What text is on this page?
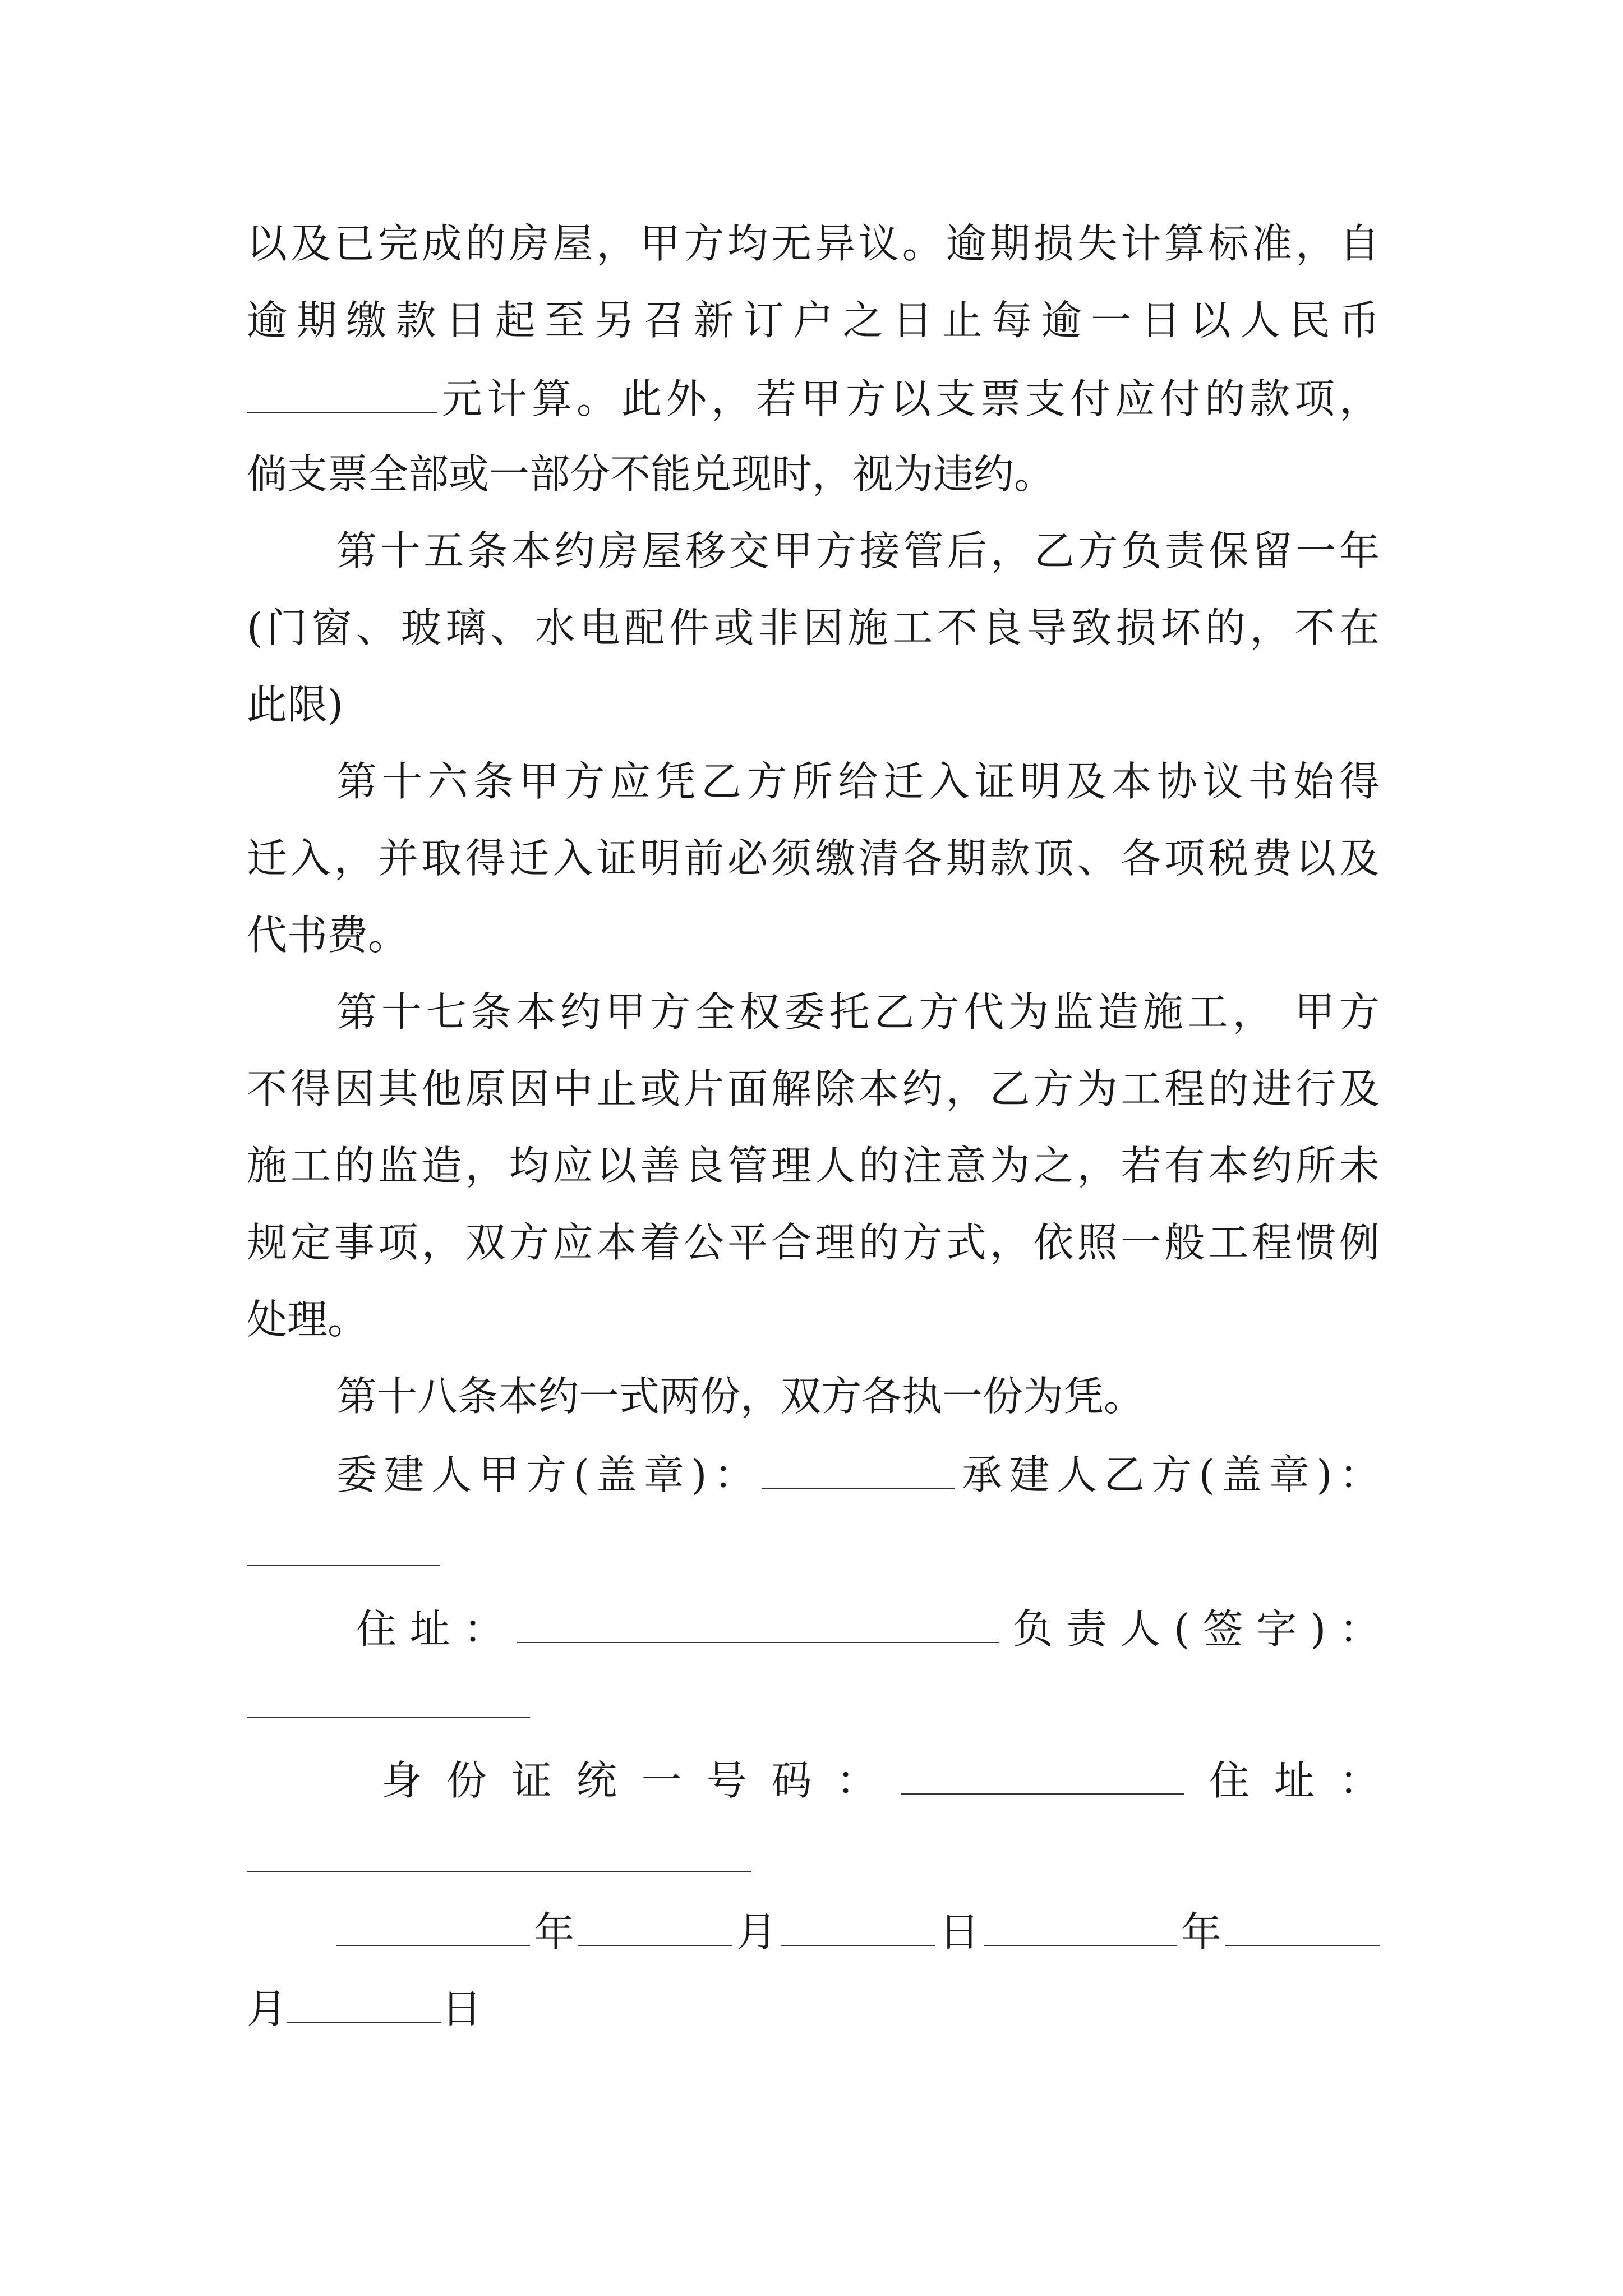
以及已完成的房屋，甲方均无异议。逾期损失计算标准，自
逾期缴款日起至另召新订户之日止每逾一日以人民币
元计算。此外，若甲方以支票支付应付的款项，
倘支票全部或一部分不能兑现时，视为违约。
第十五条本约房屋移交甲方接管后，乙方负责保留一年
(门窗、玻璃、水电配件或非因施工不良导致损坏的，不在
此限)
第十六条甲方应凭乙方所给迁入证明及本协议书始得
迁入，并取得迁入证明前必须缴清各期款顶、各项税费以及
代书费。
第十七条本约甲方全权委托乙方代为监造施工， 甲方
不得因其他原因中止或片面解除本约，乙方为工程的进行及
施工的监造，均应以善良管理人的注意为之，若有本约所未
规定事项，双方应本着公平合理的方式，依照一般工程惯例
处理。
第十八条本约一式两份，双方各执一份为凭。
委建人甲方(盖章)：	承建人乙方(盖章)：
住址：	负责人(签字)：
身份证统一号码：	住址：
年	月	日	年
月	日
